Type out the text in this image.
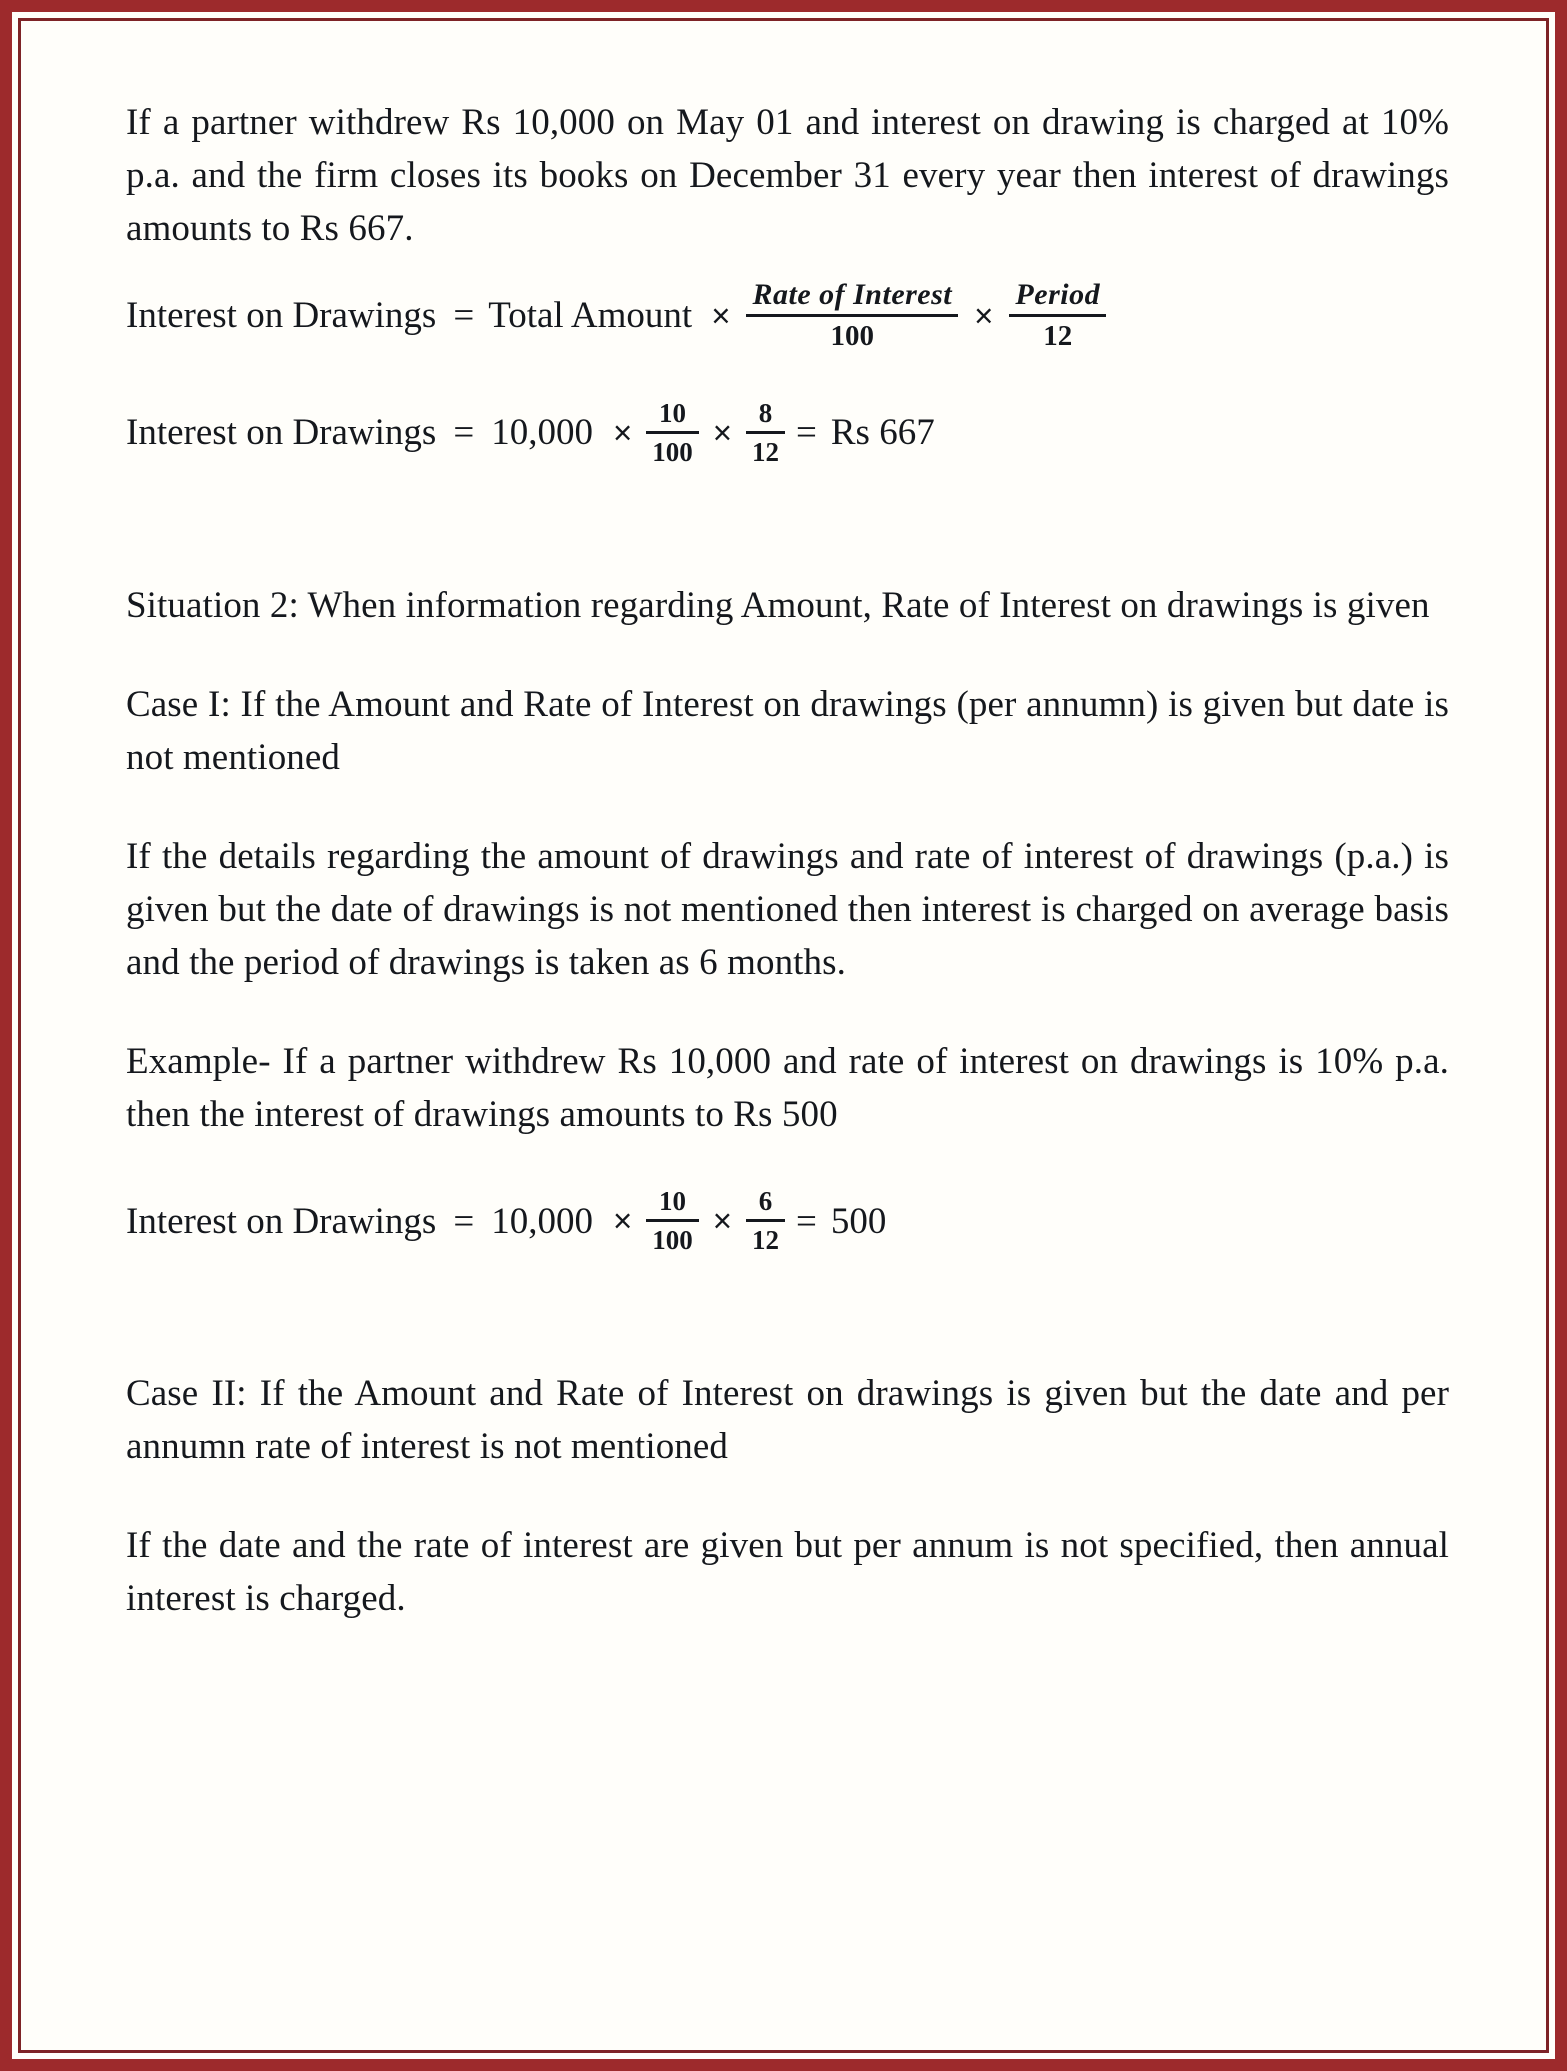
If a partner withdrew Rs 10,000 on May 01 and interest on drawing is charged at 10% p.a. and the firm closes its books on December 31 every year then interest of drawings amounts to Rs 667.

Interest on Drawings = Total Amount × $\frac{\text{Rate of Interest}}{100} \times \frac{\text{Period}}{12}$
Interest on Drawings = $10,000 \times \frac{10}{100} \times \frac{8}{12} = Rs$ 667

Situation 2: When information regarding Amount, Rate of Interest on drawings is given

Case I: If the Amount and Rate of Interest on drawings (per annumn) is given but date is not mentioned

If the details regarding the amount of drawings and rate of interest of drawings (p.a.) is given but the date of drawings is not mentioned then interest is charged on average basis and the period of drawings is taken as 6 months.

Example- If a partner withdrew Rs 10,000 and rate of interest on drawings is 10% p.a. then the interest of drawings amounts to Rs 500

Interest on Drawings = $10,000 \times \frac{10}{100} \times \frac{6}{12} = 500$

Case II: If the Amount and Rate of Interest on drawings is given but the date and per annumn rate of interest is not mentioned

If the date and the rate of interest are given but per annum is not specified, then annual interest is charged.
